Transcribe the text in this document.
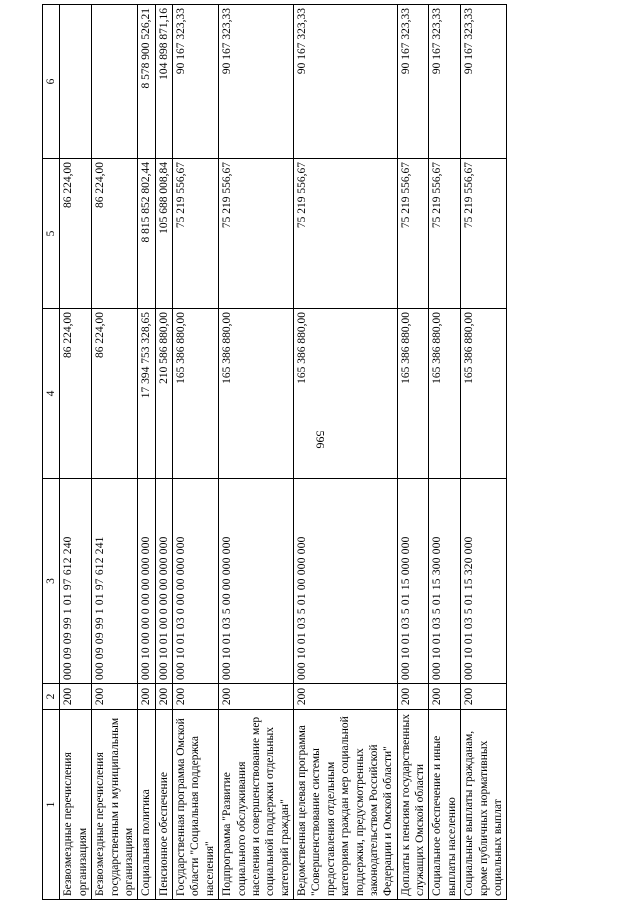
596
1	2	3	4	5	6
Безвозмездные перечисления организациям	200	000 09 09 99 1 01 97 612 240	86 224,00	86 224,00	
Безвозмездные перечисления государственным и муниципальным организациям	200	000 09 09 99 1 01 97 612 241	86 224,00	86 224,00	
Социальная политика	200	000 10 00 00 0 00 00 000 000	17 394 753 328,65	8 815 852 802,44	8 578 900 526,21
Пенсионное обеспечение	200	000 10 01 00 0 00 00 000 000	210 586 880,00	105 688 008,84	104 898 871,16
Государственная программа Омской области "Социальная поддержка населения"	200	000 10 01 03 0 00 00 000 000	165 386 880,00	75 219 556,67	90 167 323,33
Подпрограмма "Развитие социального обслуживания населения и совершенствование мер социальной поддержки отдельных категорий граждан"	200	000 10 01 03 5 00 00 000 000	165 386 880,00	75 219 556,67	90 167 323,33
Ведомственная целевая программа "Совершенствование системы предоставления отдельным категориям граждан мер социальной поддержки, предусмотренных законодательством Российской Федерации и Омской области"	200	000 10 01 03 5 01 00 000 000	165 386 880,00	75 219 556,67	90 167 323,33
Доплаты к пенсиям государственных служащих Омской области	200	000 10 01 03 5 01 15 000 000	165 386 880,00	75 219 556,67	90 167 323,33
Социальное обеспечение и иные выплаты населению	200	000 10 01 03 5 01 15 300 000	165 386 880,00	75 219 556,67	90 167 323,33
Социальные выплаты гражданам, кроме публичных нормативных социальных выплат	200	000 10 01 03 5 01 15 320 000	165 386 880,00	75 219 556,67	90 167 323,33
